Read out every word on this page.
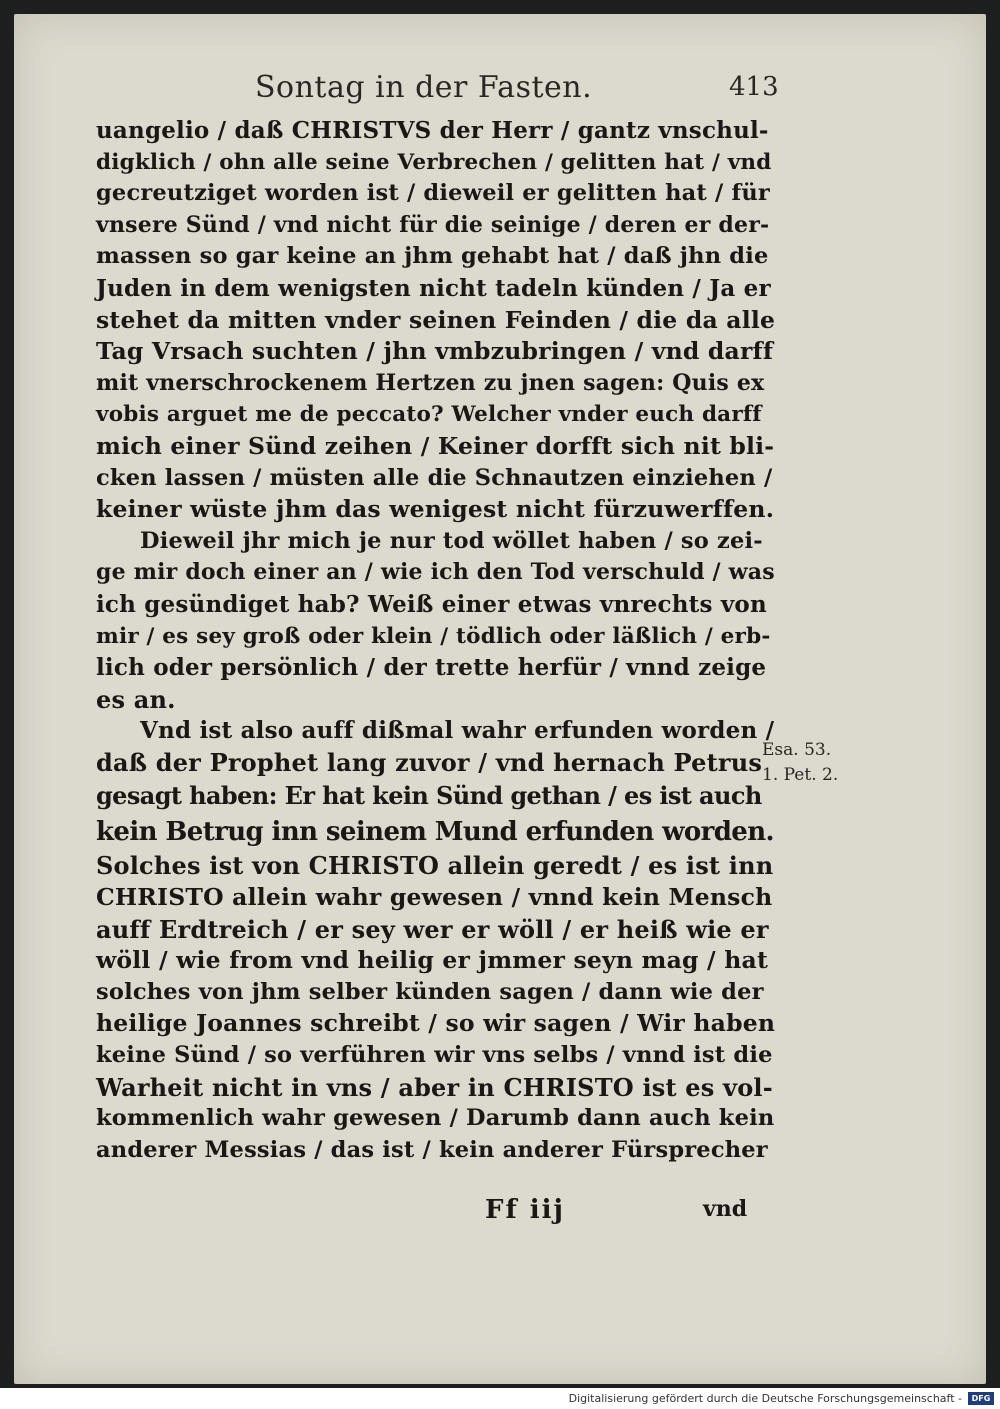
Sontag in der Fasten.	413
uangelio / daß CHRISTVS der Herr / gantz vnschul-
digklich / ohn alle seine Verbrechen / gelitten hat / vnd
gecreutziget worden ist / dieweil er gelitten hat / für
vnsere Sünd / vnd nicht für die seinige / deren er der-
massen so gar keine an jhm gehabt hat / daß jhn die
Juden in dem wenigsten nicht tadeln künden / Ja er
stehet da mitten vnder seinen Feinden / die da alle
Tag Vrsach suchten / jhn vmbzubringen / vnd darff
mit vnerschrockenem Hertzen zu jnen sagen: Quis ex
vobis arguet me de peccato? Welcher vnder euch darff
mich einer Sünd zeihen / Keiner dorfft sich nit bli-
cken lassen / müsten alle die Schnautzen einziehen /
keiner wüste jhm das wenigest nicht fürzuwerffen.
Dieweil jhr mich je nur tod wöllet haben / so zei-
ge mir doch einer an / wie ich den Tod verschuld / was
ich gesündiget hab? Weiß einer etwas vnrechts von
mir / es sey groß oder klein / tödlich oder läßlich / erb-
lich oder persönlich / der trette herfür / vnnd zeige
es an.
Vnd ist also auff dißmal wahr erfunden worden /
daß der Prophet lang zuvor / vnd hernach Petrus
gesagt haben: Er hat kein Sünd gethan / es ist auch
kein Betrug inn seinem Mund erfunden worden.
Solches ist von CHRISTO allein geredt / es ist inn
CHRISTO allein wahr gewesen / vnnd kein Mensch
auff Erdtreich / er sey wer er wöll / er heiß wie er
wöll / wie from vnd heilig er jmmer seyn mag / hat
solches von jhm selber künden sagen / dann wie der
heilige Joannes schreibt / so wir sagen / Wir haben
keine Sünd / so verführen wir vns selbs / vnnd ist die
Warheit nicht in vns / aber in CHRISTO ist es vol-
kommenlich wahr gewesen / Darumb dann auch kein
anderer Messias / das ist / kein anderer Fürsprecher
Esa. 53.
1. Pet. 2.
Ff iij	vnd
Digitalisierung gefördert durch die Deutsche Forschungsgemeinschaft -	DFG
